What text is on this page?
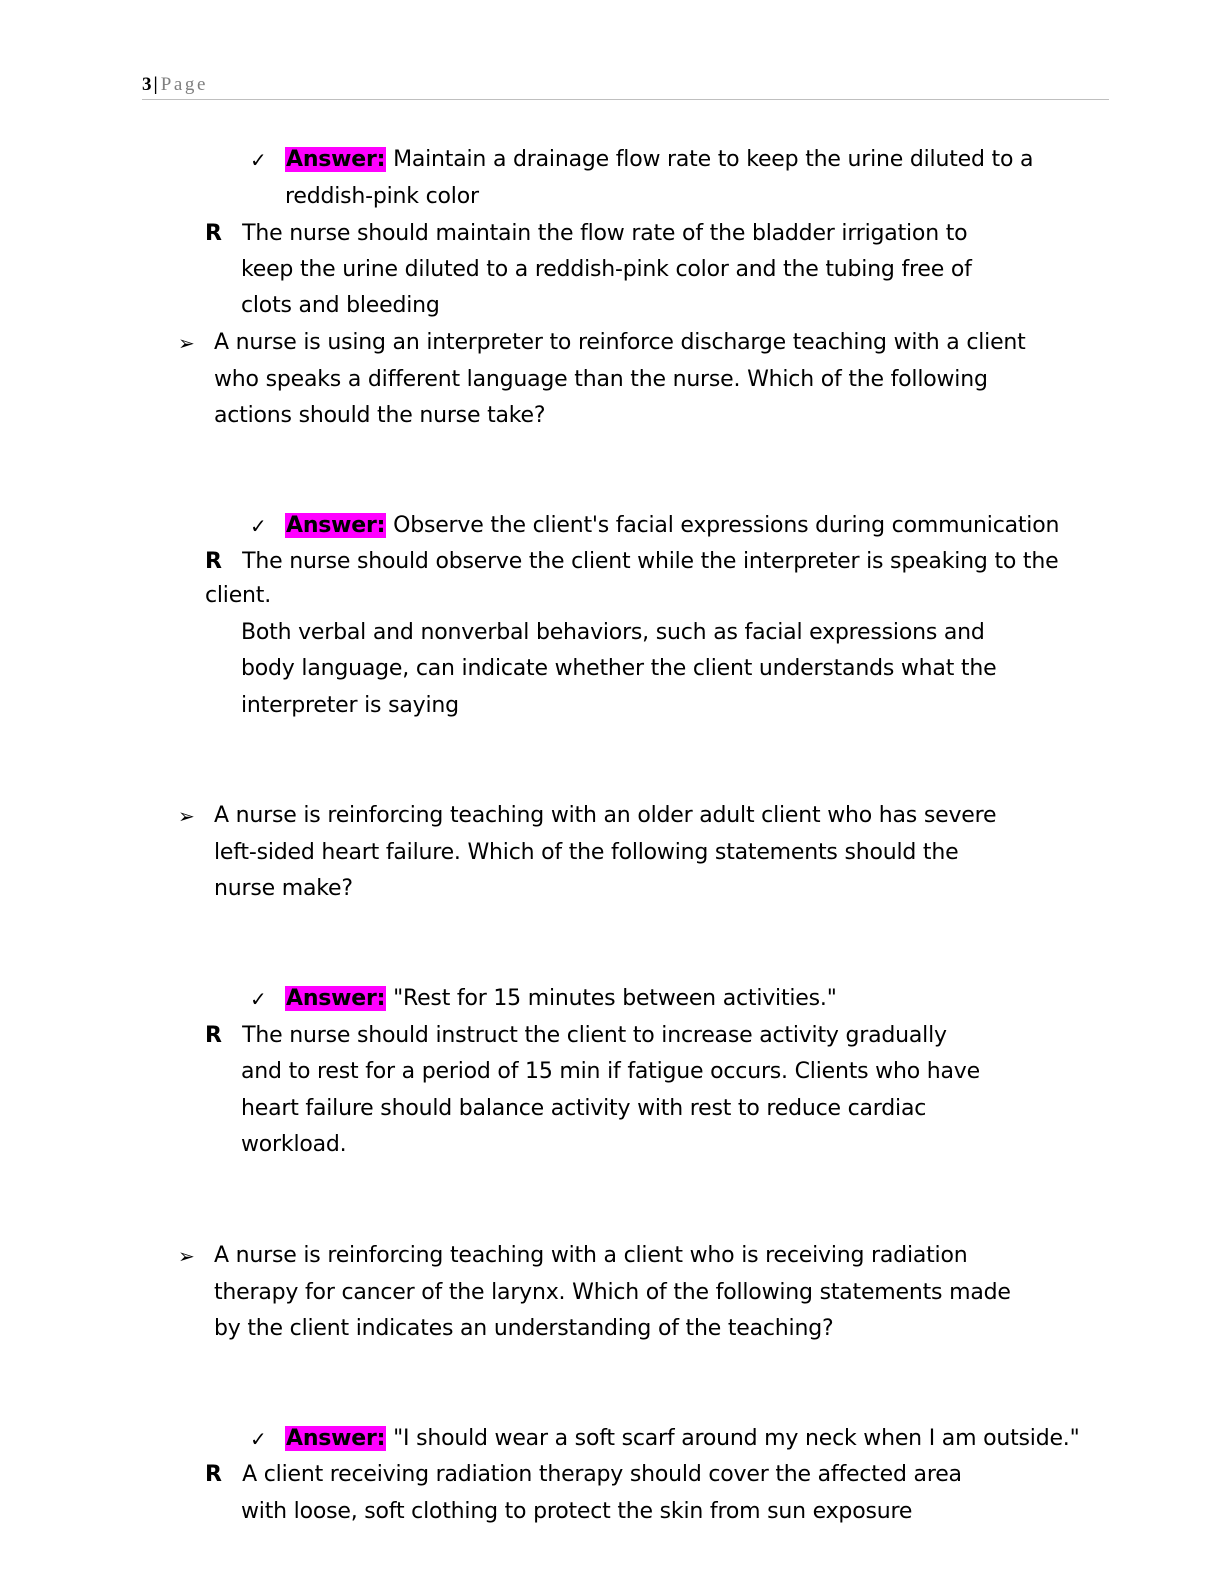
3 | Page
✓ Answer: Maintain a drainage flow rate to keep the urine diluted to a
reddish-pink color
R The nurse should maintain the flow rate of the bladder irrigation to
keep the urine diluted to a reddish-pink color and the tubing free of
clots and bleeding
➢ A nurse is using an interpreter to reinforce discharge teaching with a client
who speaks a different language than the nurse. Which of the following
actions should the nurse take?
✓ Answer: Observe the client's facial expressions during communication
R The nurse should observe the client while the interpreter is speaking to the
client.
Both verbal and nonverbal behaviors, such as facial expressions and
body language, can indicate whether the client understands what the
interpreter is saying
➢ A nurse is reinforcing teaching with an older adult client who has severe
left-sided heart failure. Which of the following statements should the
nurse make?
✓ Answer: "Rest for 15 minutes between activities."
R The nurse should instruct the client to increase activity gradually
and to rest for a period of 15 min if fatigue occurs. Clients who have
heart failure should balance activity with rest to reduce cardiac
workload.
➢ A nurse is reinforcing teaching with a client who is receiving radiation
therapy for cancer of the larynx. Which of the following statements made
by the client indicates an understanding of the teaching?
✓ Answer: "I should wear a soft scarf around my neck when I am outside."
R A client receiving radiation therapy should cover the affected area
with loose, soft clothing to protect the skin from sun exposure
